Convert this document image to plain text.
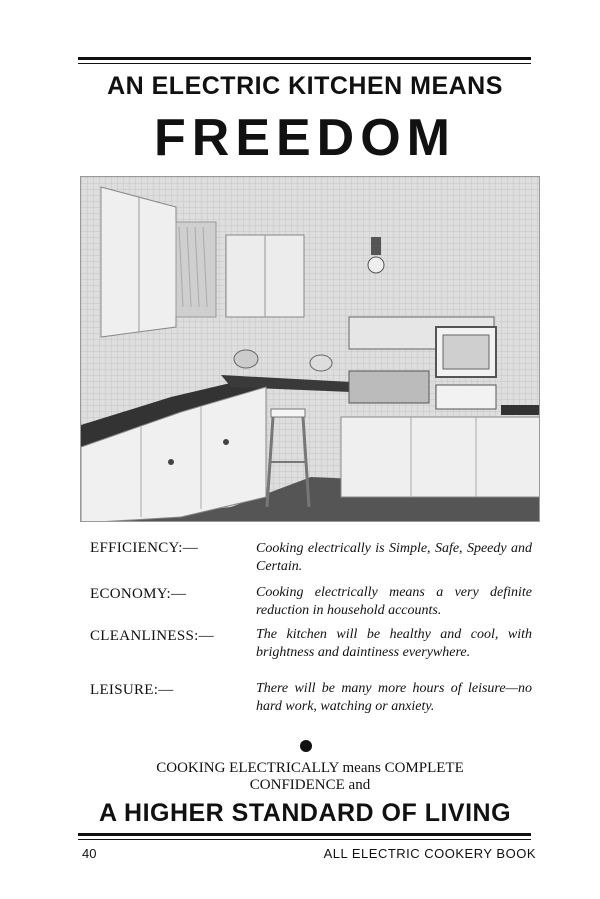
AN ELECTRIC KITCHEN MEANS
FREEDOM
EFFICIENCY:—	Cooking electrically is Simple, Safe, Speedy and Certain.
ECONOMY:—	Cooking electrically means a very definite reduction in household accounts.
CLEANLINESS:—	The kitchen will be healthy and cool, with brightness and daintiness everywhere.
LEISURE:—	There will be many more hours of leisure—no hard work, watching or anxiety.
COOKING ELECTRICALLY means COMPLETE
CONFIDENCE and
A HIGHER STANDARD OF LIVING
40	ALL ELECTRIC COOKERY BOOK
